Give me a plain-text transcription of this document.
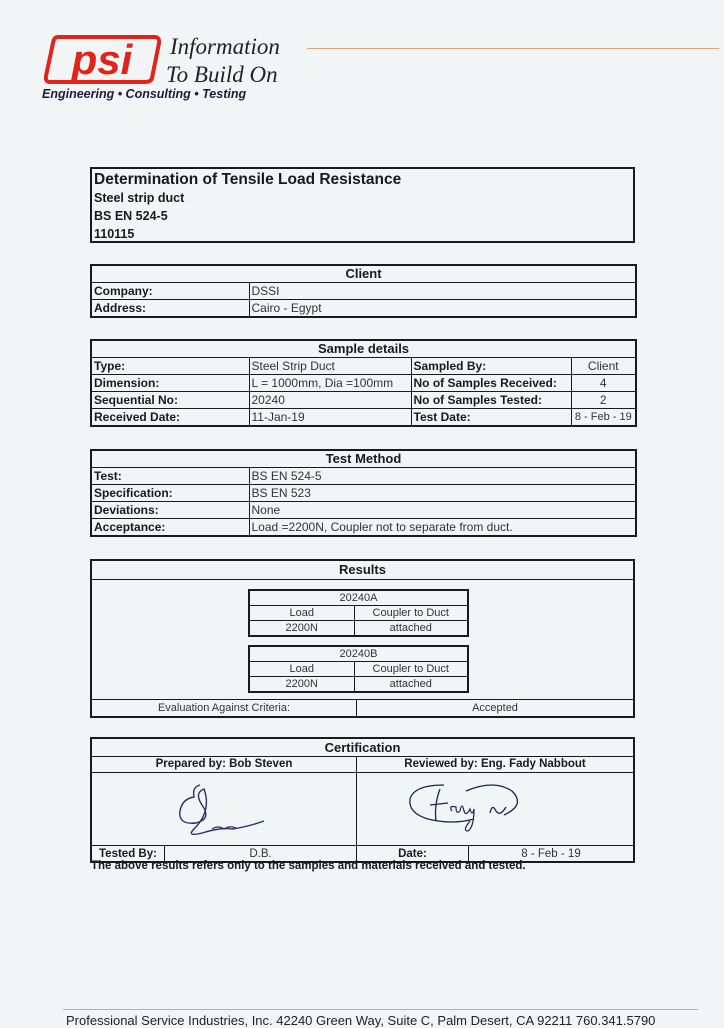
psi Information
To Build On
Engineering • Consulting • Testing
Determination of Tensile Load Resistance
Steel strip duct
BS EN 524-5
110115
Client	
Company:	DSSI
Address:	Cairo - Egypt
Sample details			
Type:	Steel Strip Duct	Sampled By:	Client
Dimension:	L = 1000mm, Dia =100mm	No of Samples Received:	4
Sequential No:	20240	No of Samples Tested:	2
Received Date:	11-Jan-19	Test Date:	8 - Feb - 19
Test Method	
Test:	BS EN 524-5
Specification:	BS EN 523
Deviations:	None
Acceptance:	Load =2200N, Coupler not to separate from duct.
Results
20240A	
Load	Coupler to Duct
2200N	attached
20240B	
Load	Coupler to Duct
2200N	attached
Evaluation Against Criteria:	Accepted
Certification
Prepared by: Bob Steven	Reviewed by: Eng. Fady Nabbout
Tested By:	D.B.	Date:	8 - Feb - 19
The above results refers only to the samples and materials received and tested.
Professional Service Industries, Inc. 42240 Green Way, Suite C, Palm Desert, CA 92211 760.341.5790
